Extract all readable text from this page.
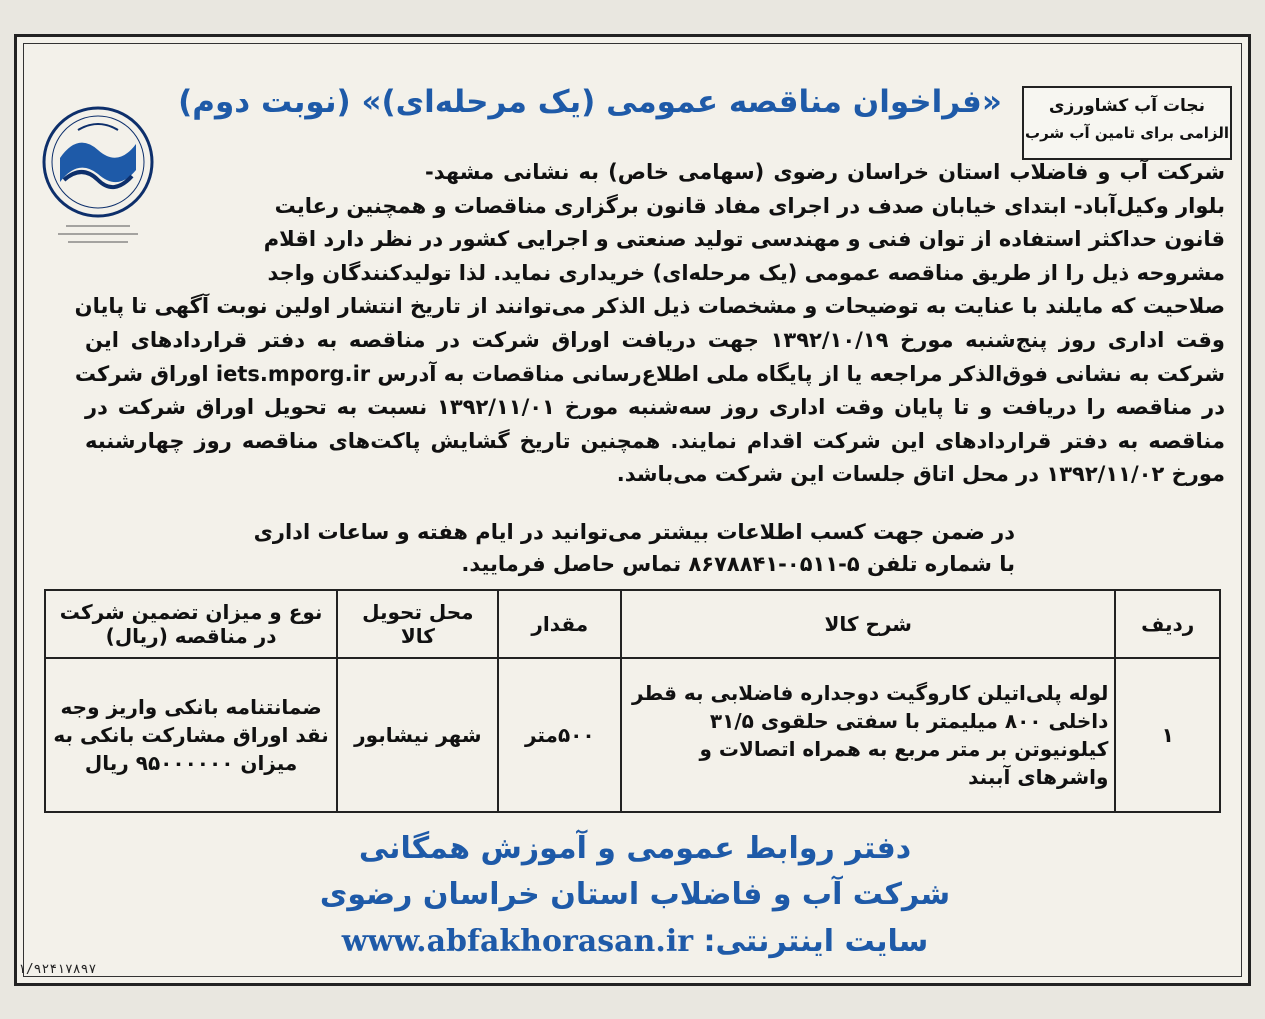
نجات آب کشاورزی
الزامی برای تامین آب شرب
«فراخوان مناقصه عمومی (یک مرحله‌ای)» (نوبت دوم)

شرکت آب و فاضلاب استان خراسان رضوی (سهامی خاص) به نشانی مشهد-
بلوار وکیل‌آباد- ابتدای خیابان صدف در اجرای مفاد قانون برگزاری مناقصات و همچنین رعایت
قانون حداکثر استفاده از توان فنی و مهندسی تولید صنعتی و اجرایی کشور در نظر دارد اقلام
مشروحه ذیل را از طریق مناقصه عمومی (یک مرحله‌ای) خریداری نماید. لذا تولیدکنندگان واجد
صلاحیت که مایلند با عنایت به توضیحات و مشخصات ذیل الذکر می‌توانند از تاریخ انتشار اولین نوبت آگهی تا پایان
وقت اداری روز پنج‌شنبه مورخ ۱۳۹۲/۱۰/۱۹ جهت دریافت اوراق شرکت در مناقصه به دفتر قراردادهای این
شرکت به نشانی فوق‌الذکر مراجعه یا از پایگاه ملی اطلاع‌رسانی مناقصات به آدرس iets.mporg.ir اوراق شرکت
در مناقصه را دریافت و تا پایان وقت اداری روز سه‌شنبه مورخ ۱۳۹۲/۱۱/۰۱ نسبت به تحویل اوراق شرکت در
مناقصه به دفتر قراردادهای این شرکت اقدام نمایند. همچنین تاریخ گشایش پاکت‌های مناقصه روز چهارشنبه
مورخ ۱۳۹۲/۱۱/۰۲ در محل اتاق جلسات این شرکت می‌باشد.

در ضمن جهت کسب اطلاعات بیشتر می‌توانید در ایام هفته و ساعات اداری
با شماره تلفن ۵-۰۵۱۱-۸۶۷۸۸۴۱ تماس حاصل فرمایید.
ردیف	شرح کالا	مقدار	محل تحویل کالا	نوع و میزان تضمین شرکت در مناقصه (ریال)
۱	لوله پلی‌اتیلن کاروگیت دوجداره فاضلابی به قطر داخلی ۸۰۰ میلیمتر با سفتی حلقوی ۳۱/۵ کیلونیوتن بر متر مربع به همراه اتصالات و واشرهای آببند	۵۰۰متر	شهر نیشابور	ضمانتنامه بانکی واریز وجه نقد اوراق مشارکت بانکی به میزان ۹۵۰۰۰۰۰۰ ریال
دفتر روابط عمومی و آموزش همگانی
شرکت آب و فاضلاب استان خراسان رضوی
سایت اینترنتی: www.abfakhorasan.ir
۱/۹۲۴۱۷۸۹۷
